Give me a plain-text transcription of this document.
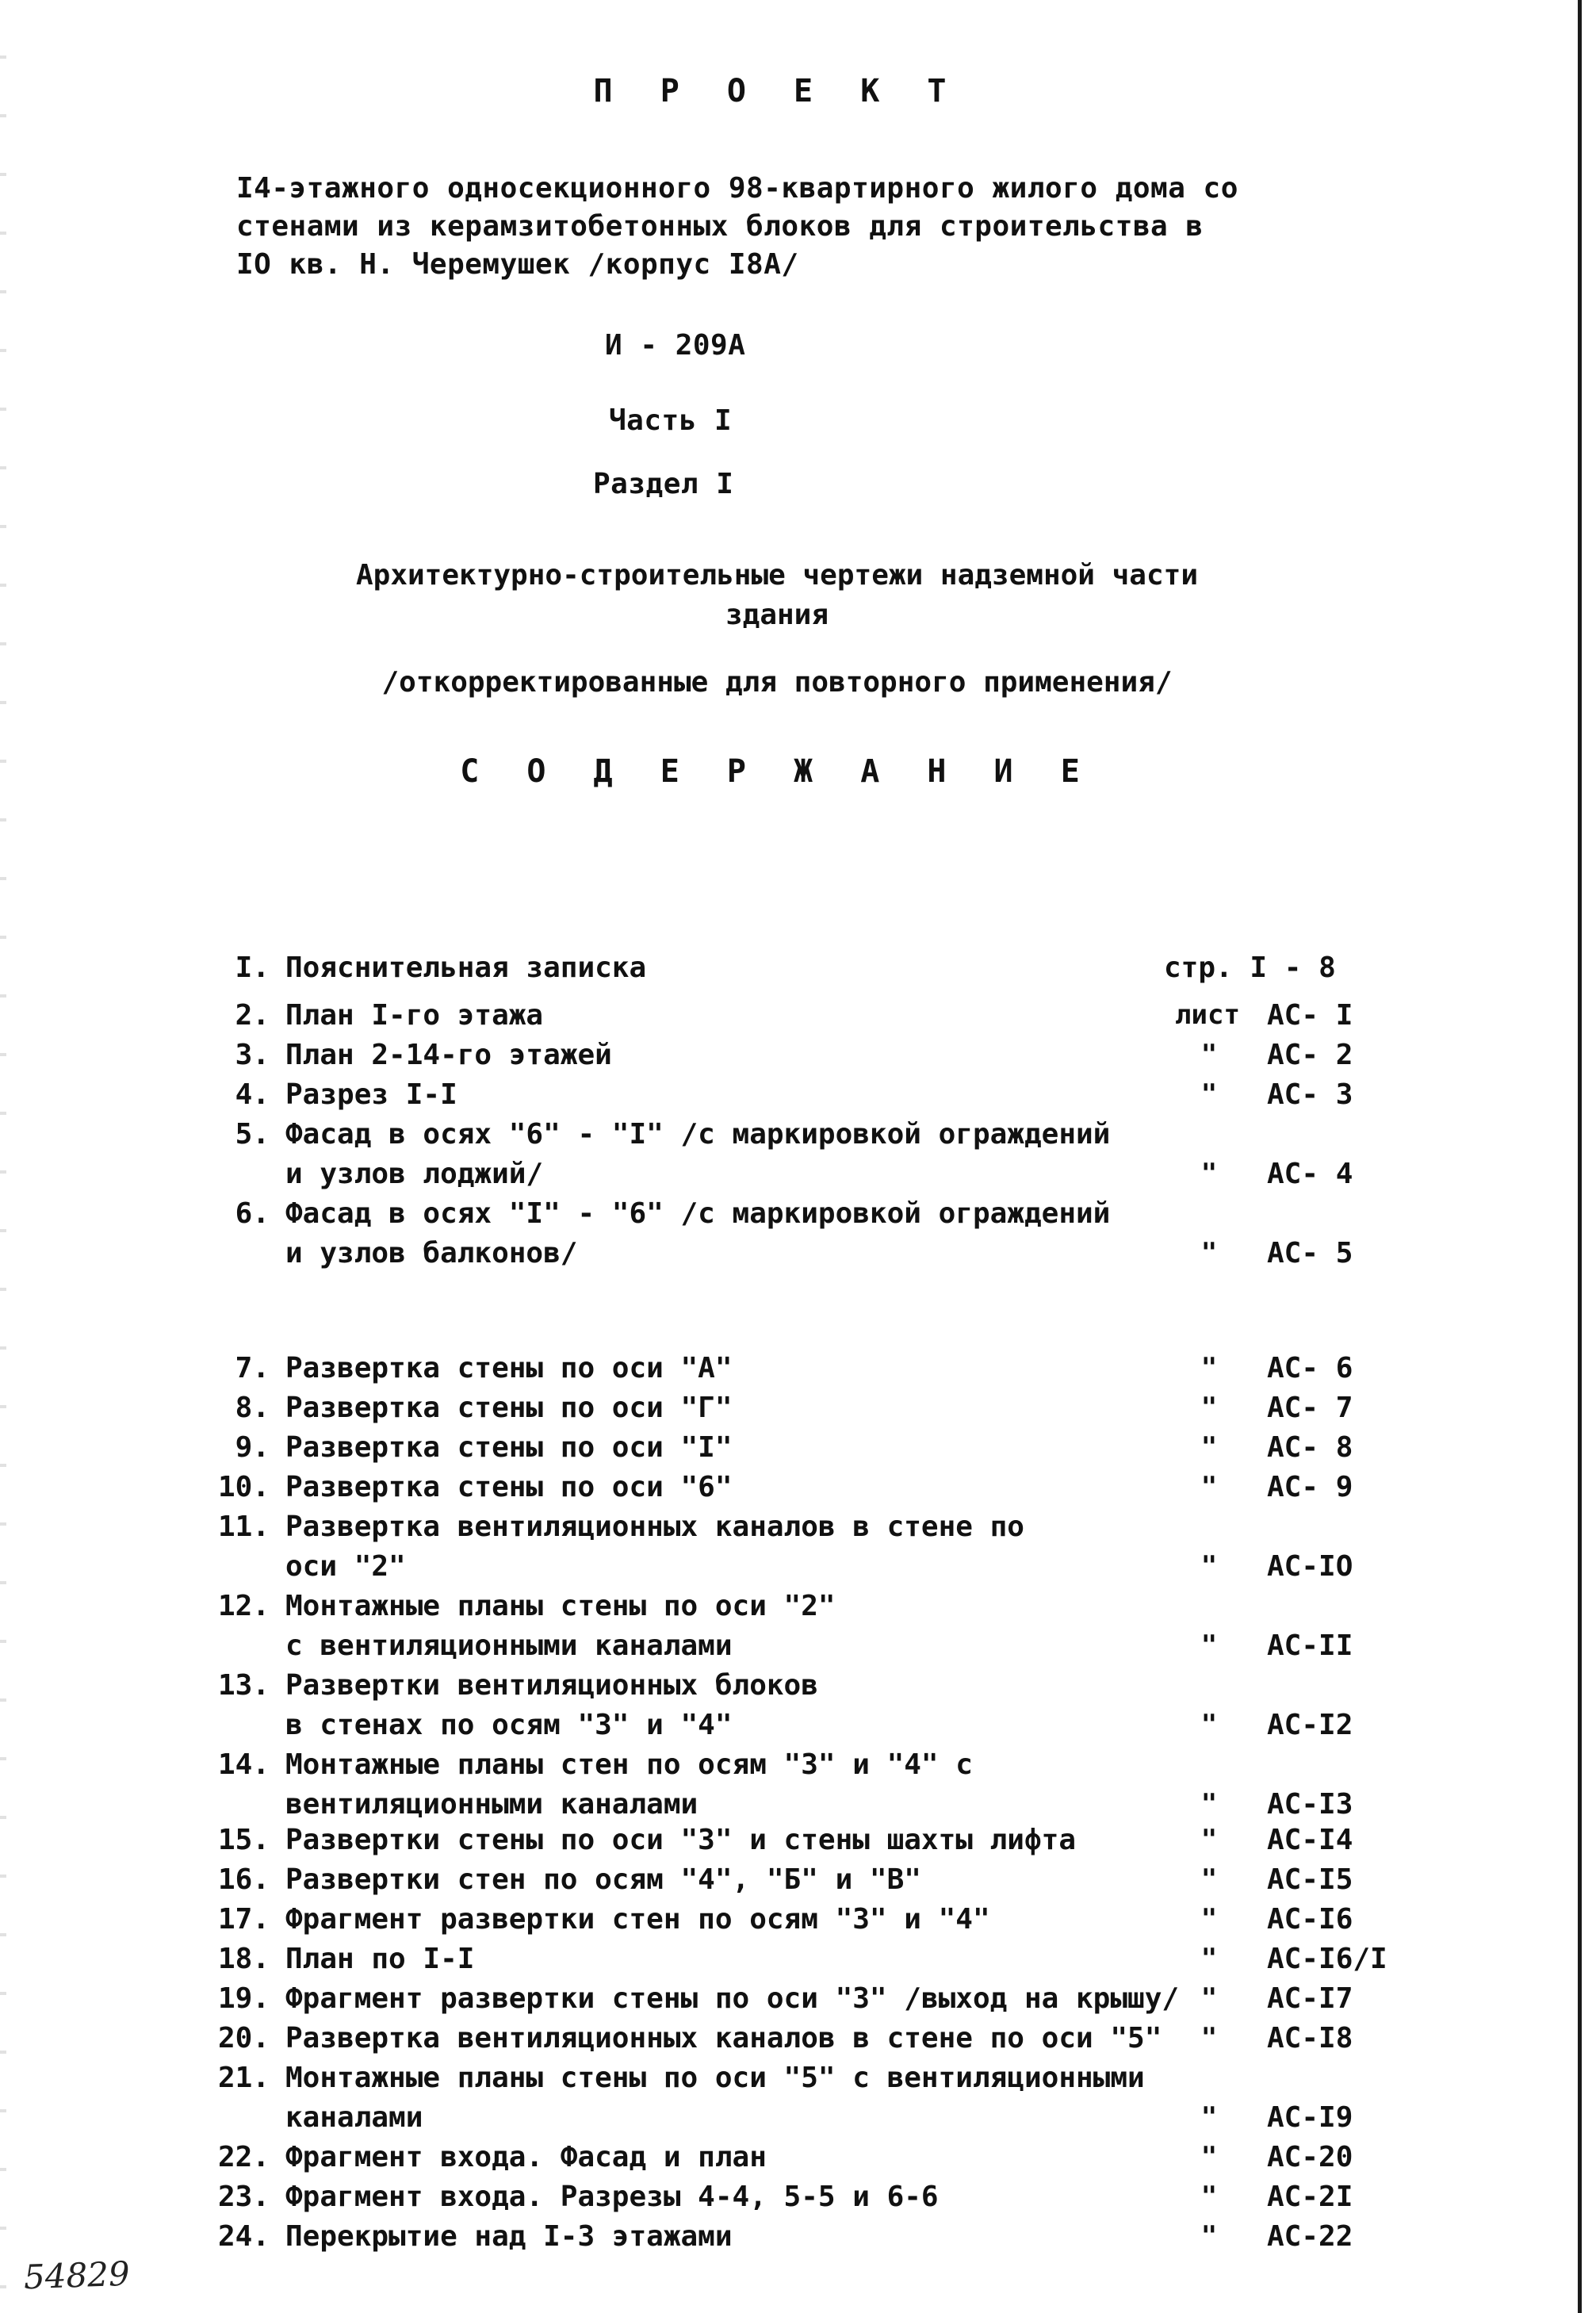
П Р О Е К Т
I4-этажного односекционного 98-квартирного жилого дома со
стенами из керамзитобетонных блоков для строительства в
IO кв. Н. Черемушек /корпус I8А/
И - 209А
Часть I
Раздел I
Архитектурно-строительные чертежи надземной части
здания
/откорректированные для повторного применения/
С О Д Е Р Ж А Н И Е
I. Пояснительная записка	стр. I - 8
2. План I-го этажа	лист АС- I
3. План 2-14-го этажей	"	АС- 2
4. Разрез I-I	"	АС- 3
5. Фасад в осях "6" - "I" /с маркировкой ограждений
и узлов лоджий/	"	АС- 4
6. Фасад в осях "I" - "6" /с маркировкой ограждений
и узлов балконов/	"	АС- 5
7. Развертка стены по оси "А"	"	АС- 6
8. Развертка стены по оси "Г"	"	АС- 7
9. Развертка стены по оси "I"	"	АС- 8
10. Развертка стены по оси "6"	"	АС- 9
11. Развертка вентиляционных каналов в стене по
оси "2"	"	АС-IO
12. Монтажные планы стены по оси "2"
с вентиляционными каналами	"	АС-II
13. Развертки вентиляционных блоков
в стенах по осям "3" и "4"	"	АС-I2
14. Монтажные планы стен по осям "3" и "4" с
вентиляционными каналами	"	АС-I3
15. Развертки стены по оси "3" и стены шахты лифта	"	АС-I4
16. Развертки стен по осям "4", "Б" и "В"	"	АС-I5
17. Фрагмент развертки стен по осям "3" и "4"	"	АС-I6
18. План по I-I	"	АС-I6/I
19. Фрагмент развертки стены по оси "3" /выход на крышу/ "	АС-I7
20. Развертка вентиляционных каналов в стене по оси "5"	"	АС-I8
21. Монтажные планы стены по оси "5" с вентиляционными
каналами	"	АС-I9
22. Фрагмент входа. Фасад и план	"	АС-20
23. Фрагмент входа. Разрезы 4-4, 5-5 и 6-6	"	АС-2I
24. Перекрытие над I-3 этажами	"	АС-22
54829
